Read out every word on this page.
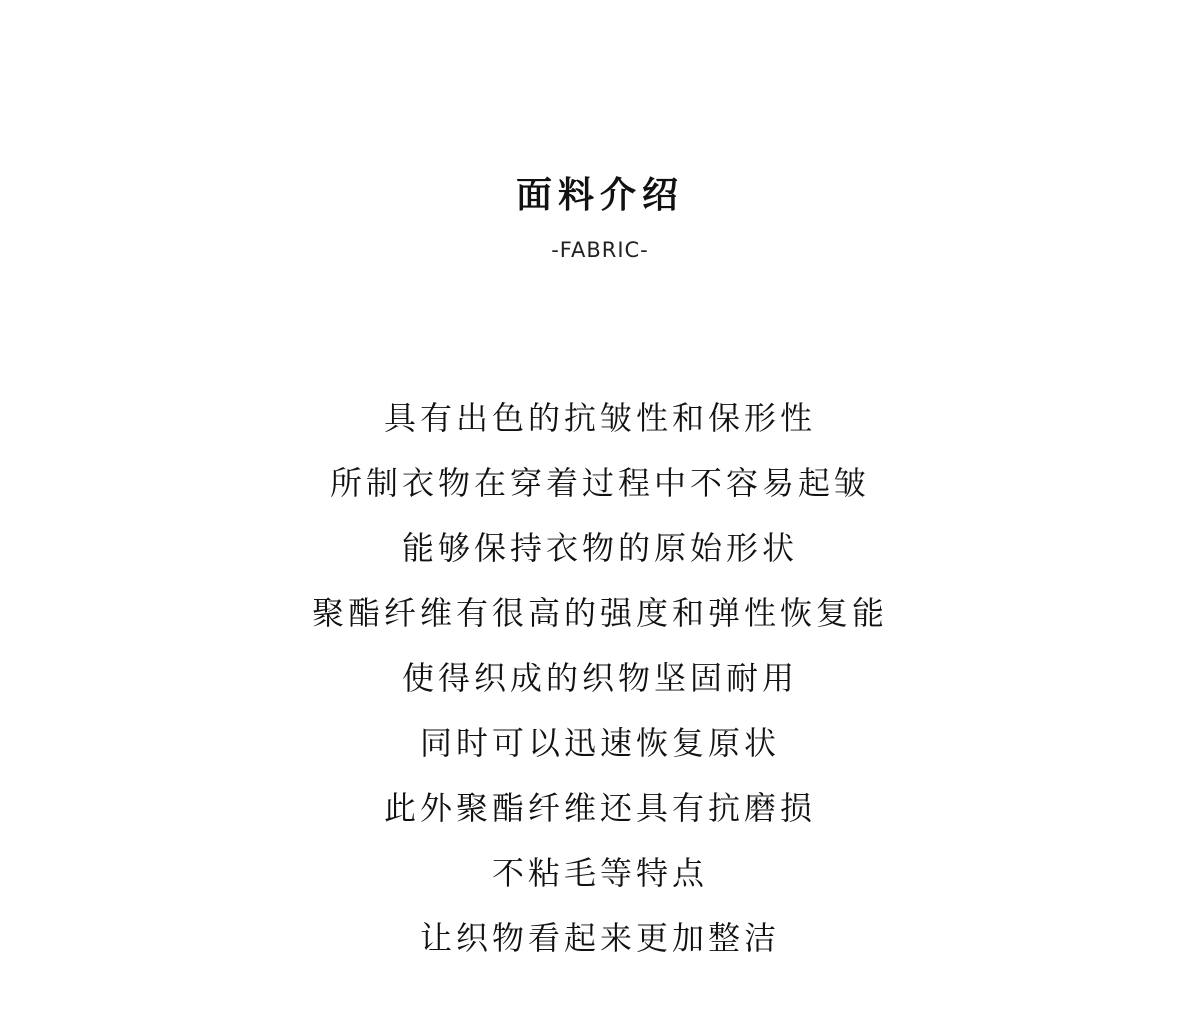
面料介绍
-FABRIC-
具有出色的抗皱性和保形性
所制衣物在穿着过程中不容易起皱
能够保持衣物的原始形状
聚酯纤维有很高的强度和弹性恢复能
使得织成的织物坚固耐用
同时可以迅速恢复原状
此外聚酯纤维还具有抗磨损
不粘毛等特点
让织物看起来更加整洁
